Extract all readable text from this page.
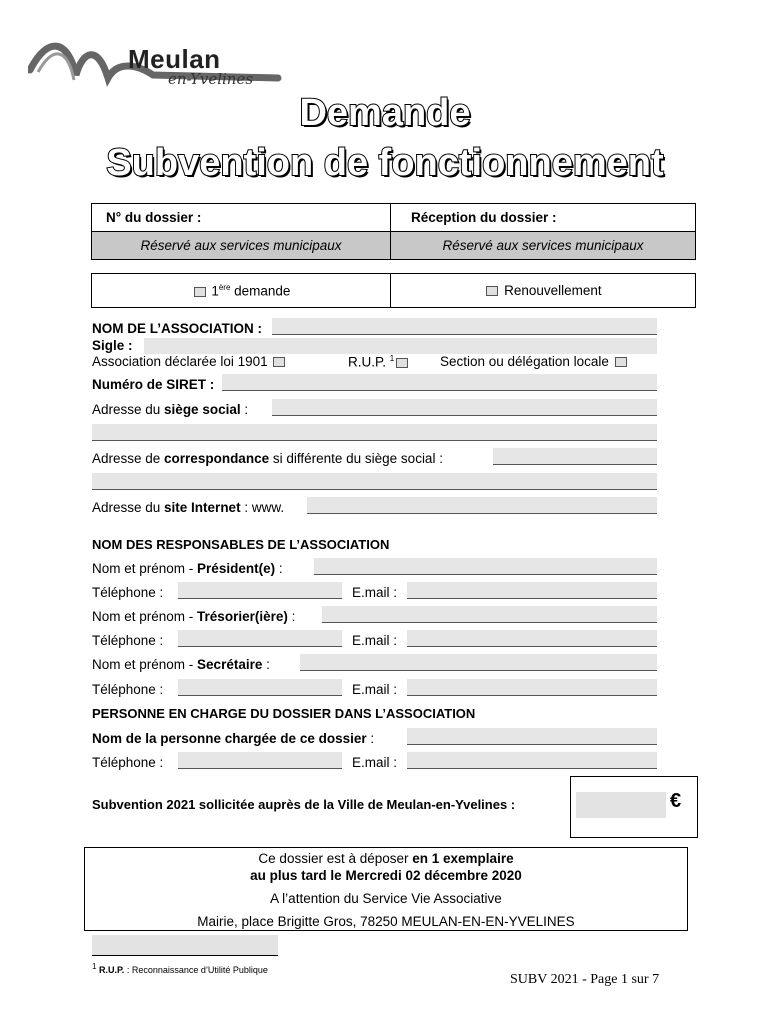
Meulan
en-Yvelines
Demande
Subvention de fonctionnement
N° du dossier :	Réception du dossier :
Réservé aux services municipaux	Réservé aux services municipaux
1ère demande	Renouvellement
NOM DE L’ASSOCIATION :
Sigle :
Association déclarée loi 1901	R.U.P. $^1$	Section ou délégation locale
Numéro de SIRET :
Adresse du siège social :
Adresse de correspondance si différente du siège social :
Adresse du site Internet : www.
NOM DES RESPONSABLES DE L’ASSOCIATION
Nom et prénom - Président(e) :
Téléphone :	E.mail :
Nom et prénom - Trésorier(ière) :
Téléphone :	E.mail :
Nom et prénom - Secrétaire :
Téléphone :	E.mail :
PERSONNE EN CHARGE DU DOSSIER DANS L’ASSOCIATION
Nom de la personne chargée de ce dossier :
Téléphone :	E.mail :
Subvention 2021 sollicitée auprès de la Ville de Meulan-en-Yvelines :	€
Ce dossier est à déposer en 1 exemplaire
au plus tard le Mercredi 02 décembre 2020
A l’attention du Service Vie Associative
Mairie, place Brigitte Gros, 78250 MEULAN-EN-EN-YVELINES
$^1$ R.U.P. : Reconnaissance d’Utilité Publique
SUBV 2021 - Page 1 sur 7
